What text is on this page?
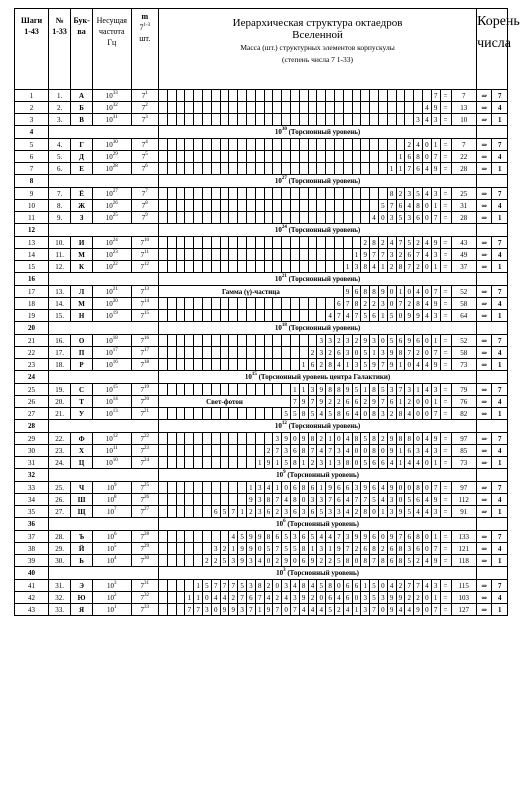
Шаги
1-43	№
1-33	Бук-ва	Несущая
частота
Гц	m
7$^{1-3}$
шт.	Иерархическая структура октаедров
Вселенной
Масса (шт.) структурных элементов корпускулы
(степень числа 7 1-33)																																		Корень
числа	
1	1.	А	$10^{33}$	$7^1$																																7	=	7	⇒	7
2	2.	Б	$10^{32}$	$7^2$																															4	9	=	13	⇒	4
3	3.	В	$10^{31}$	$7^3$																														3	4	3	=	10	⇒	1
4					$10^{30}$ (Торсионный уровень)																																			
5	4.	Г	$10^{30}$	$7^4$																													2	4	0	1	=	7	⇒	7
6	5.	Д	$10^{29}$	$7^5$																												1	6	8	0	7	=	22	⇒	4
7	6.	Е	$10^{28}$	$7^6$																											1	1	7	6	4	9	=	28	⇒	1
8					$10^{27}$ (Торсионный уровень)																																			
9	7.	Ё	$10^{27}$	$7^7$																											8	2	3	5	4	3	=	25	⇒	7
10	8.	Ж	$10^{26}$	$7^8$																										5	7	6	4	8	0	1	=	31	⇒	4
11	9.	З	$10^{25}$	$7^9$																									4	0	3	5	3	6	0	7	=	28	⇒	1
12					$10^{24}$ (Торсионный уровень)																																			
13	10.	И	$10^{24}$	$7^{10}$																								2	8	2	4	7	5	2	4	9	=	43	⇒	7
14	11.	М	$10^{23}$	$7^{11}$																							1	9	7	7	3	2	6	7	4	3	=	49	⇒	4
15	12.	К	$10^{22}$	$7^{12}$																						1	3	8	4	1	2	8	7	2	0	1	=	37	⇒	1
16					$10^{21}$ (Торсионный уровень)																																			
17	13.	Л	$10^{21}$	$7^{13}$	Гамма (γ)-частица																					9	6	8	8	9	0	1	0	4	0	7	=	52	⇒	7
18	14.	М	$10^{20}$	$7^{14}$																					6	7	8	2	2	3	0	7	2	8	4	9	=	58	⇒	4
19	15.	Н	$10^{19}$	$7^{15}$																				4	7	4	7	5	6	1	5	0	9	9	4	3	=	64	⇒	1
20					$10^{18}$ (Торсионный уровень)																																			
21	16.	О	$10^{18}$	$7^{16}$																			3	3	2	3	2	9	3	0	5	6	9	6	0	1	=	52	⇒	7
22	17.	П	$10^{17}$	$7^{17}$																		2	3	2	6	3	0	5	1	3	9	8	7	2	0	7	=	58	⇒	4
23	18.	Р	$10^{16}$	$7^{18}$																	1	6	2	8	4	1	3	5	9	7	9	1	0	4	4	9	=	73	⇒	1
24					$10^{15}$ (Торсионный уровень центра Галактики)																																			
25	19.	С	$10^{15}$	$7^{19}$																1	1	3	9	8	8	9	5	1	8	5	3	7	3	1	4	3	=	79	⇒	7
26	20.	Т	$10^{14}$	$7^{20}$	Свет-фотон															7	9	7	9	2	2	6	6	2	9	7	6	1	2	0	0	1	=	76	⇒	4
27	21.	У	$10^{13}$	$7^{21}$															5	5	8	5	4	5	8	6	4	0	8	3	2	8	4	0	0	7	=	82	⇒	1
28					$10^{12}$ (Торсионный уровень)																																			
29	22.	Ф	$10^{12}$	$7^{22}$														3	9	0	9	8	2	1	0	4	8	5	8	2	9	8	8	0	4	9	=	97	⇒	7
30	23.	Х	$10^{11}$	$7^{23}$													2	7	3	6	8	7	4	7	3	4	0	0	8	0	9	1	6	3	4	3	=	85	⇒	4
31	24.	Ц	$10^{10}$	$7^{24}$												1	9	1	5	8	1	2	3	1	3	8	0	5	6	6	4	1	4	4	0	1	=	73	⇒	1
32					$10^9$ (Торсионный уровень)																																			
33	25.	Ч	$10^9$	$7^{25}$											1	3	4	1	0	6	8	6	1	9	6	6	3	9	6	4	9	0	0	8	0	7	=	97	⇒	7
34	26.	Ш	$10^8$	$7^{26}$											9	3	8	7	4	8	0	3	3	7	6	4	7	7	5	4	3	0	5	6	4	9	=	112	⇒	4
35	27.	Щ	$10^7$	$7^{27}$							6	5	7	1	2	3	6	2	3	6	3	6	5	3	3	4	2	8	0	1	3	9	5	4	4	3	=	91	⇒	1
36					$10^6$ (Торсионный уровень)																																			
37	28.	Ъ	$10^6$	$7^{28}$									4	5	9	9	8	6	5	3	6	5	4	4	7	3	9	9	6	0	9	7	6	8	0	1	=	133	⇒	7
38	29.	Й	$10^5$	$7^{29}$							3	2	1	9	9	0	5	7	5	5	8	1	3	1	9	7	2	6	8	2	6	8	3	6	0	7	=	121	⇒	4
39	30.	Ь	$10^4$	$7^{30}$						2	2	5	3	9	3	4	0	2	9	0	6	9	2	2	5	8	0	8	7	8	6	8	5	2	4	9	=	118	⇒	1
40					$10^3$ (Торсионный уровень)																																			
41	31.	Э	$10^3$	$7^{31}$					1	5	7	7	7	5	3	8	2	0	3	4	8	4	5	8	0	6	6	1	5	0	4	2	7	7	4	3	=	115	⇒	7
42	32.	Ю	$10^2$	$7^{32}$				1	1	0	4	4	2	7	6	7	4	2	4	3	9	2	0	6	4	6	0	3	5	3	9	9	2	2	0	1	=	103	⇒	4
43	33.	Я	$10^1$	$7^{33}$				7	7	3	0	9	9	3	7	1	9	7	0	7	4	4	4	5	2	4	1	3	7	0	9	4	4	9	0	7	=	127	⇒	1
